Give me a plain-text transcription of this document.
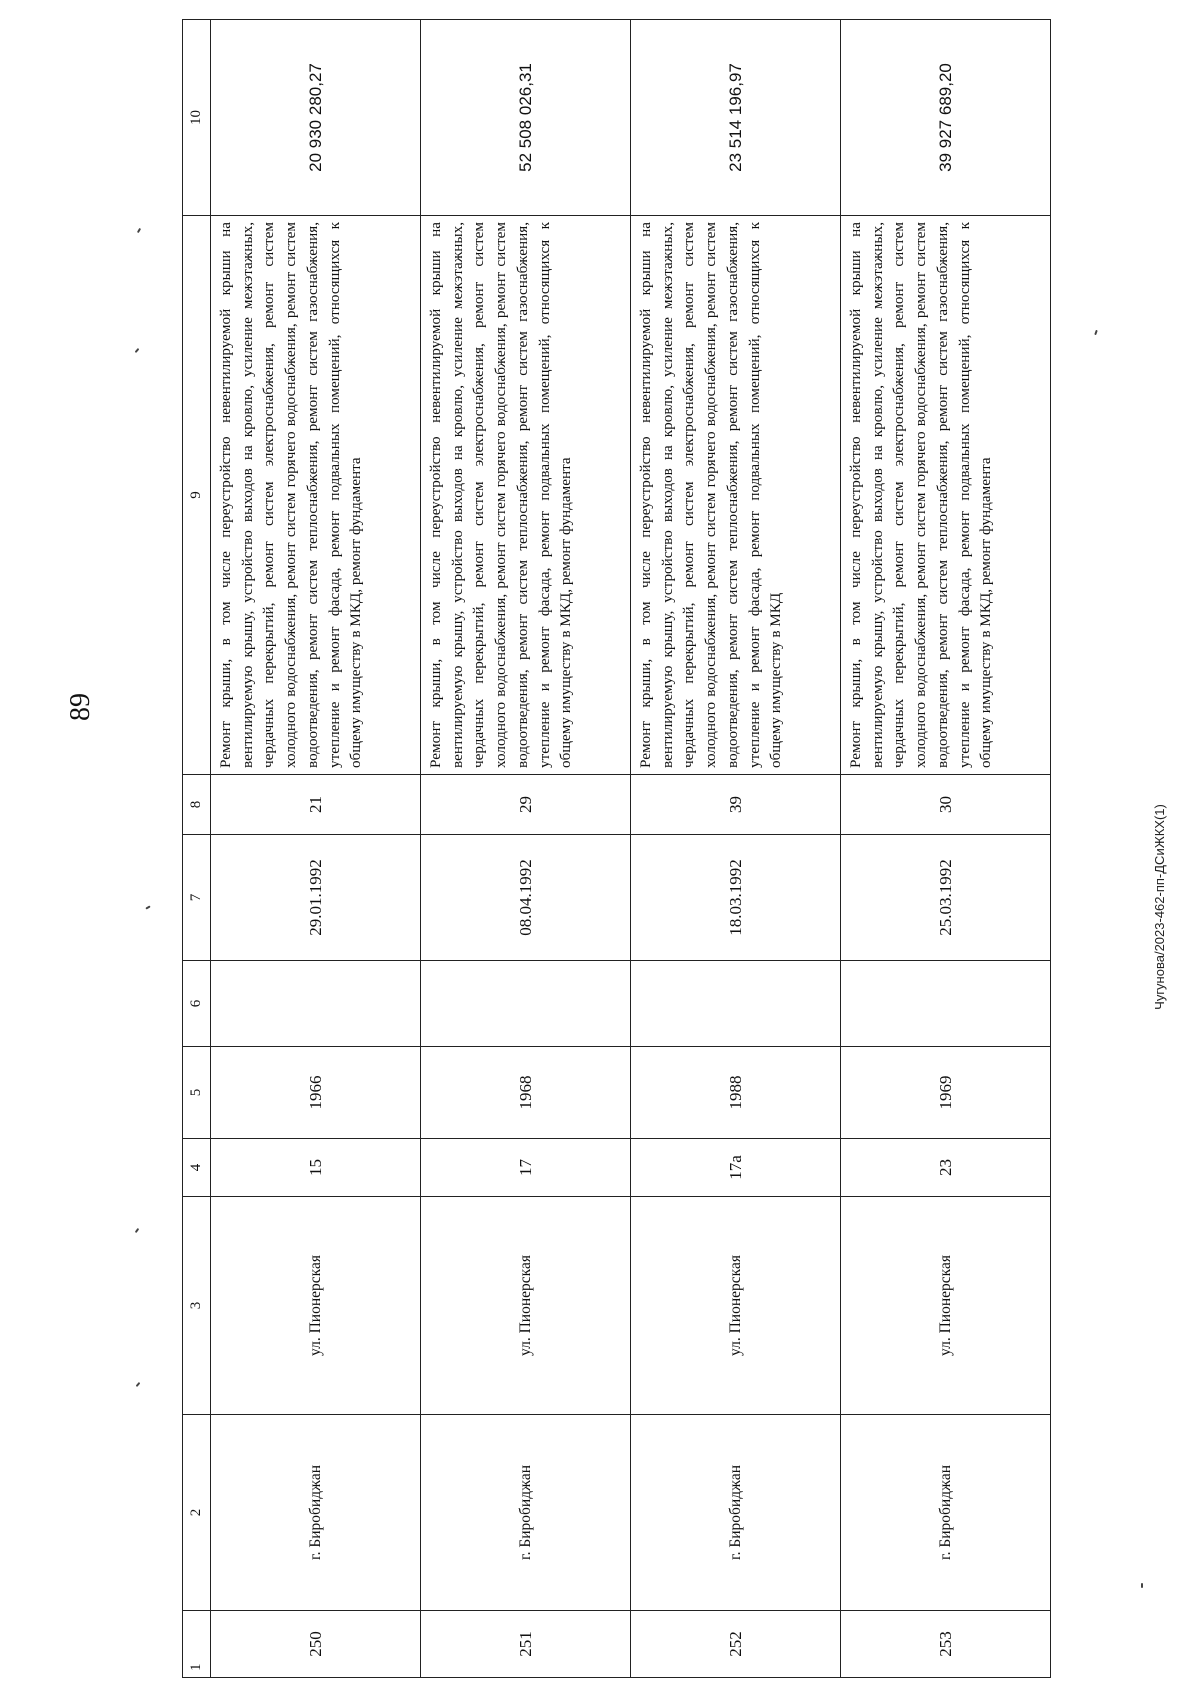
89
1	2	3	4	5	6	7	8	9	10
250	г. Биробиджан	ул. Пионерская	15	1966		29.01.1992	21	Ремонт крыши, в том числе переустройство невентилируемой крыши на вентилируемую крышу, устройство выходов на кровлю, усиление межэтажных, чердачных перекрытий, ремонт систем электроснабжения, ремонт систем холодного водоснабжения, ремонт систем горячего водоснабжения, ремонт систем водоотведения, ремонт систем теплоснабжения, ремонт систем газоснабжения, утепление и ремонт фасада, ремонт подвальных помещений, относящихся к общему имуществу в МКД, ремонт фундамента	20 930 280,27
251	г. Биробиджан	ул. Пионерская	17	1968		08.04.1992	29	Ремонт крыши, в том числе переустройство невентилируемой крыши на вентилируемую крышу, устройство выходов на кровлю, усиление межэтажных, чердачных перекрытий, ремонт систем электроснабжения, ремонт систем холодного водоснабжения, ремонт систем горячего водоснабжения, ремонт систем водоотведения, ремонт систем теплоснабжения, ремонт систем газоснабжения, утепление и ремонт фасада, ремонт подвальных помещений, относящихся к общему имуществу в МКД, ремонт фундамента	52 508 026,31
252	г. Биробиджан	ул. Пионерская	17а	1988		18.03.1992	39	Ремонт крыши, в том числе переустройство невентилируемой крыши на вентилируемую крышу, устройство выходов на кровлю, усиление межэтажных, чердачных перекрытий, ремонт систем электроснабжения, ремонт систем холодного водоснабжения, ремонт систем горячего водоснабжения, ремонт систем водоотведения, ремонт систем теплоснабжения, ремонт систем газоснабжения, утепление и ремонт фасада, ремонт подвальных помещений, относящихся к общему имуществу в МКД	23 514 196,97
253	г. Биробиджан	ул. Пионерская	23	1969		25.03.1992	30	Ремонт крыши, в том числе переустройство невентилируемой крыши на вентилируемую крышу, устройство выходов на кровлю, усиление межэтажных, чердачных перекрытий, ремонт систем электроснабжения, ремонт систем холодного водоснабжения, ремонт систем горячего водоснабжения, ремонт систем водоотведения, ремонт систем теплоснабжения, ремонт систем газоснабжения, утепление и ремонт фасада, ремонт подвальных помещений, относящихся к общему имуществу в МКД, ремонт фундамента	39 927 689,20
Чугунова/2023-462-пп-ДСиЖКХ(1)
